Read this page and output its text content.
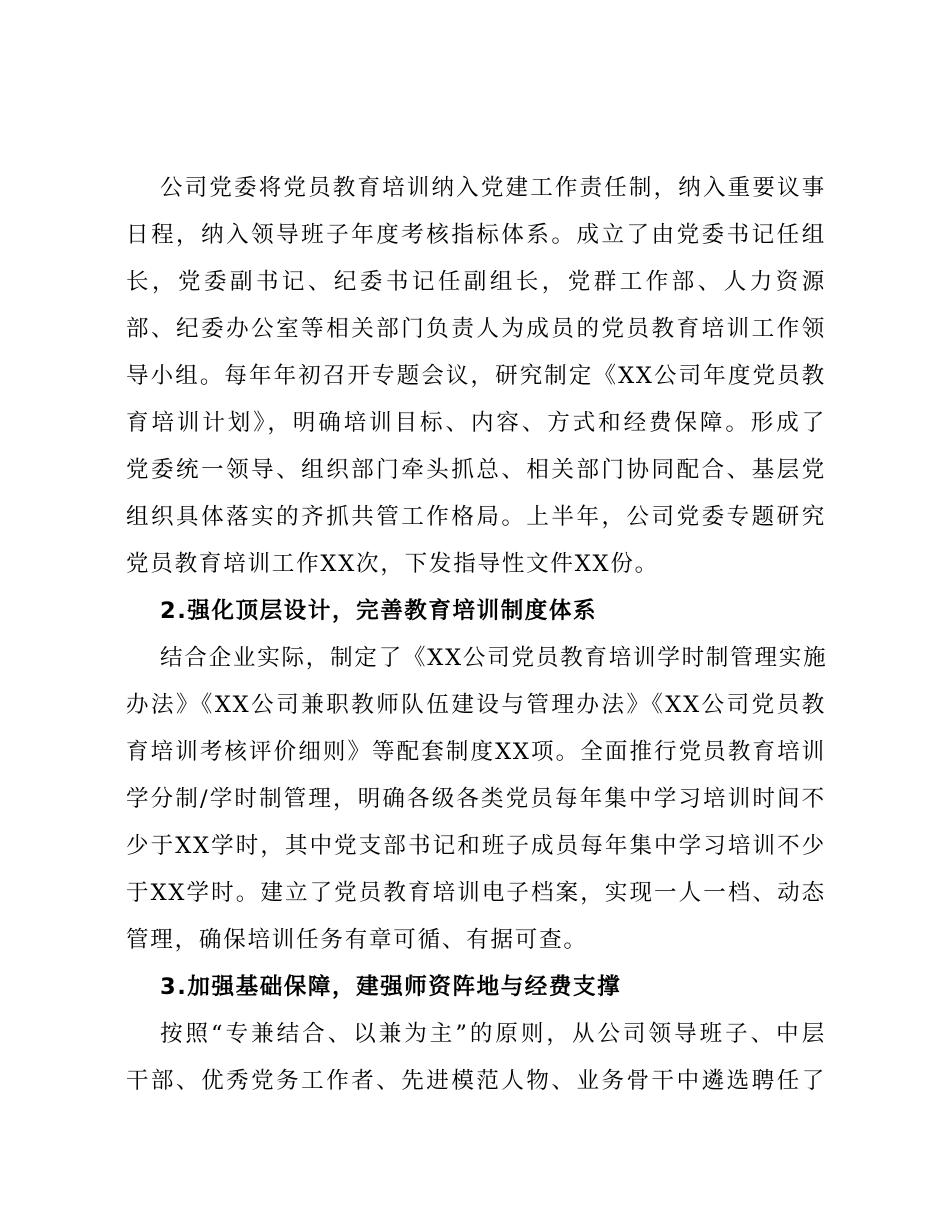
公司党委将党员教育培训纳入党建工作责任制，纳入重要议事
日程，纳入领导班子年度考核指标体系。成立了由党委书记任组
长，党委副书记、纪委书记任副组长，党群工作部、人力资源
部、纪委办公室等相关部门负责人为成员的党员教育培训工作领
导小组。每年年初召开专题会议，研究制定《XX公司年度党员教
育培训计划》，明确培训目标、内容、方式和经费保障。形成了
党委统一领导、组织部门牵头抓总、相关部门协同配合、基层党
组织具体落实的齐抓共管工作格局。上半年，公司党委专题研究
党员教育培训工作XX次，下发指导性文件XX份。
2.强化顶层设计，完善教育培训制度体系
结合企业实际，制定了《XX公司党员教育培训学时制管理实施
办法》《XX公司兼职教师队伍建设与管理办法》《XX公司党员教
育培训考核评价细则》等配套制度XX项。全面推行党员教育培训
学分制/学时制管理，明确各级各类党员每年集中学习培训时间不
少于XX学时，其中党支部书记和班子成员每年集中学习培训不少
于XX学时。建立了党员教育培训电子档案，实现一人一档、动态
管理，确保培训任务有章可循、有据可查。
3.加强基础保障，建强师资阵地与经费支撑
按照“专兼结合、以兼为主”的原则，从公司领导班子、中层
干部、优秀党务工作者、先进模范人物、业务骨干中遴选聘任了
